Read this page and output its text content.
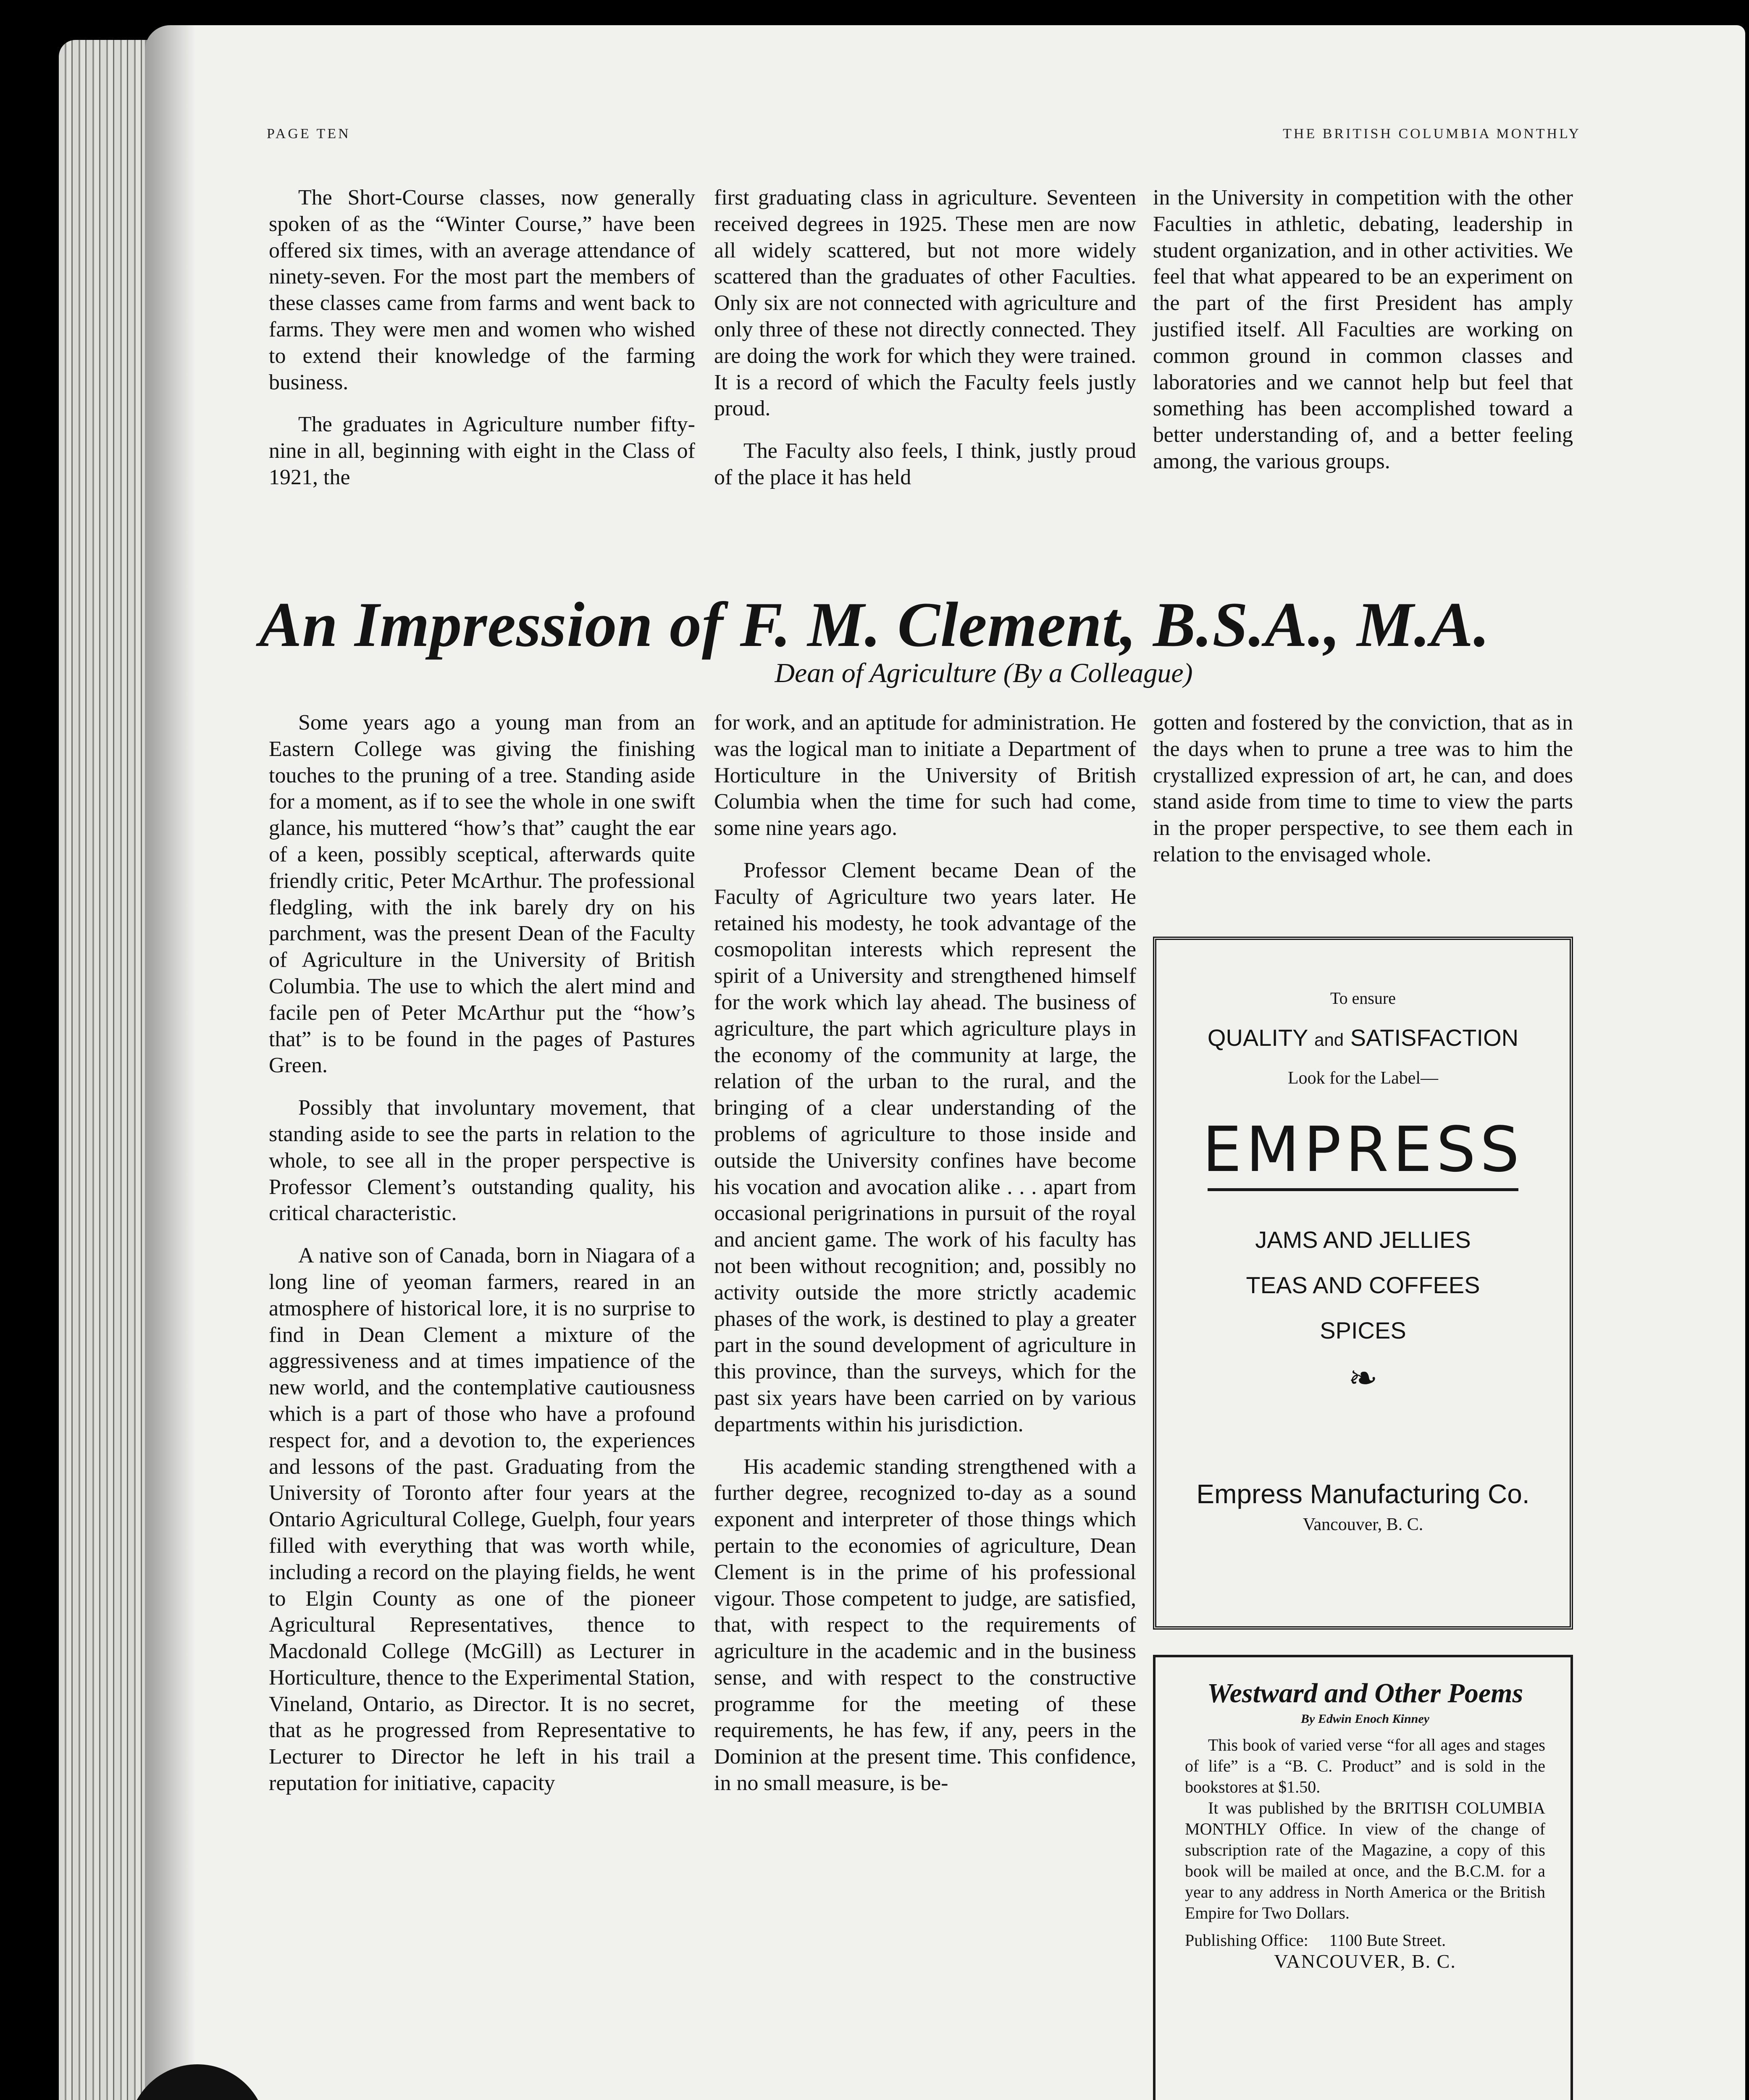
PAGE TEN	THE BRITISH COLUMBIA MONTHLY

The Short-Course classes, now generally spoken of as the “Winter Course,” have been offered six times, with an average attendance of ninety-seven. For the most part the members of these classes came from farms and went back to farms. They were men and women who wished to extend their knowledge of the farming business.

The graduates in Agriculture number fifty-nine in all, beginning with eight in the Class of 1921, the

first graduating class in agriculture. Seventeen received degrees in 1925. These men are now all widely scattered, but not more widely scattered than the graduates of other Faculties. Only six are not connected with agriculture and only three of these not directly connected. They are doing the work for which they were trained. It is a record of which the Faculty feels justly proud.

The Faculty also feels, I think, justly proud of the place it has held

in the University in competition with the other Faculties in athletic, debating, leadership in student organization, and in other activities. We feel that what appeared to be an experiment on the part of the first President has amply justified itself. All Faculties are working on common ground in common classes and laboratories and we cannot help but feel that something has been accomplished toward a better understanding of, and a better feeling among, the various groups.

An Impression of F. M. Clement, B.S.A., M.A.
Dean of Agriculture (By a Colleague)

Some years ago a young man from an Eastern College was giving the finishing touches to the pruning of a tree. Standing aside for a moment, as if to see the whole in one swift glance, his muttered “how’s that” caught the ear of a keen, possibly sceptical, afterwards quite friendly critic, Peter McArthur. The professional fledgling, with the ink barely dry on his parchment, was the present Dean of the Faculty of Agriculture in the University of British Columbia. The use to which the alert mind and facile pen of Peter McArthur put the “how’s that” is to be found in the pages of Pastures Green.

Possibly that involuntary movement, that standing aside to see the parts in relation to the whole, to see all in the proper perspective is Professor Clement’s outstanding quality, his critical characteristic.

A native son of Canada, born in Niagara of a long line of yeoman farmers, reared in an atmosphere of historical lore, it is no surprise to find in Dean Clement a mixture of the aggressiveness and at times impatience of the new world, and the contemplative cautiousness which is a part of those who have a profound respect for, and a devotion to, the experiences and lessons of the past. Graduating from the University of Toronto after four years at the Ontario Agricultural College, Guelph, four years filled with everything that was worth while, including a record on the playing fields, he went to Elgin County as one of the pioneer Agricultural Representatives, thence to Macdonald College (McGill) as Lecturer in Horticulture, thence to the Experimental Station, Vineland, Ontario, as Director. It is no secret, that as he progressed from Representative to Lecturer to Director he left in his trail a reputation for initiative, capacity

for work, and an aptitude for administration. He was the logical man to initiate a Department of Horticulture in the University of British Columbia when the time for such had come, some nine years ago.

Professor Clement became Dean of the Faculty of Agriculture two years later. He retained his modesty, he took advantage of the cosmopolitan interests which represent the spirit of a University and strengthened himself for the work which lay ahead. The business of agriculture, the part which agriculture plays in the economy of the community at large, the relation of the urban to the rural, and the bringing of a clear understanding of the problems of agriculture to those inside and outside the University confines have become his vocation and avocation alike . . . apart from occasional perigrinations in pursuit of the royal and ancient game. The work of his faculty has not been without recognition; and, possibly no activity outside the more strictly academic phases of the work, is destined to play a greater part in the sound development of agriculture in this province, than the surveys, which for the past six years have been carried on by various departments within his jurisdiction.

His academic standing strengthened with a further degree, recognized to-day as a sound exponent and interpreter of those things which pertain to the economies of agriculture, Dean Clement is in the prime of his professional vigour. Those competent to judge, are satisfied, that, with respect to the requirements of agriculture in the academic and in the business sense, and with respect to the constructive programme for the meeting of these requirements, he has few, if any, peers in the Dominion at the present time. This confidence, in no small measure, is be-

gotten and fostered by the conviction, that as in the days when to prune a tree was to him the crystallized expression of art, he can, and does stand aside from time to time to view the parts in the proper perspective, to see them each in relation to the envisaged whole.

To ensure
QUALITY and SATISFACTION
Look for the Label—
EMPRESS
JAMS AND JELLIES
TEAS AND COFFEES
SPICES
❧
Empress Manufacturing Co.
Vancouver, B. C.
Westward and Other Poems
By Edwin Enoch Kinney

This book of varied verse “for all ages and stages of life” is a “B. C. Product” and is sold in the bookstores at $1.50.

It was published by the BRITISH COLUMBIA MONTHLY Office. In view of the change of subscription rate of the Magazine, a copy of this book will be mailed at once, and the B.C.M. for a year to any address in North America or the British Empire for Two Dollars.

Publishing Office: 1100 Bute Street.
VANCOUVER, B. C.
